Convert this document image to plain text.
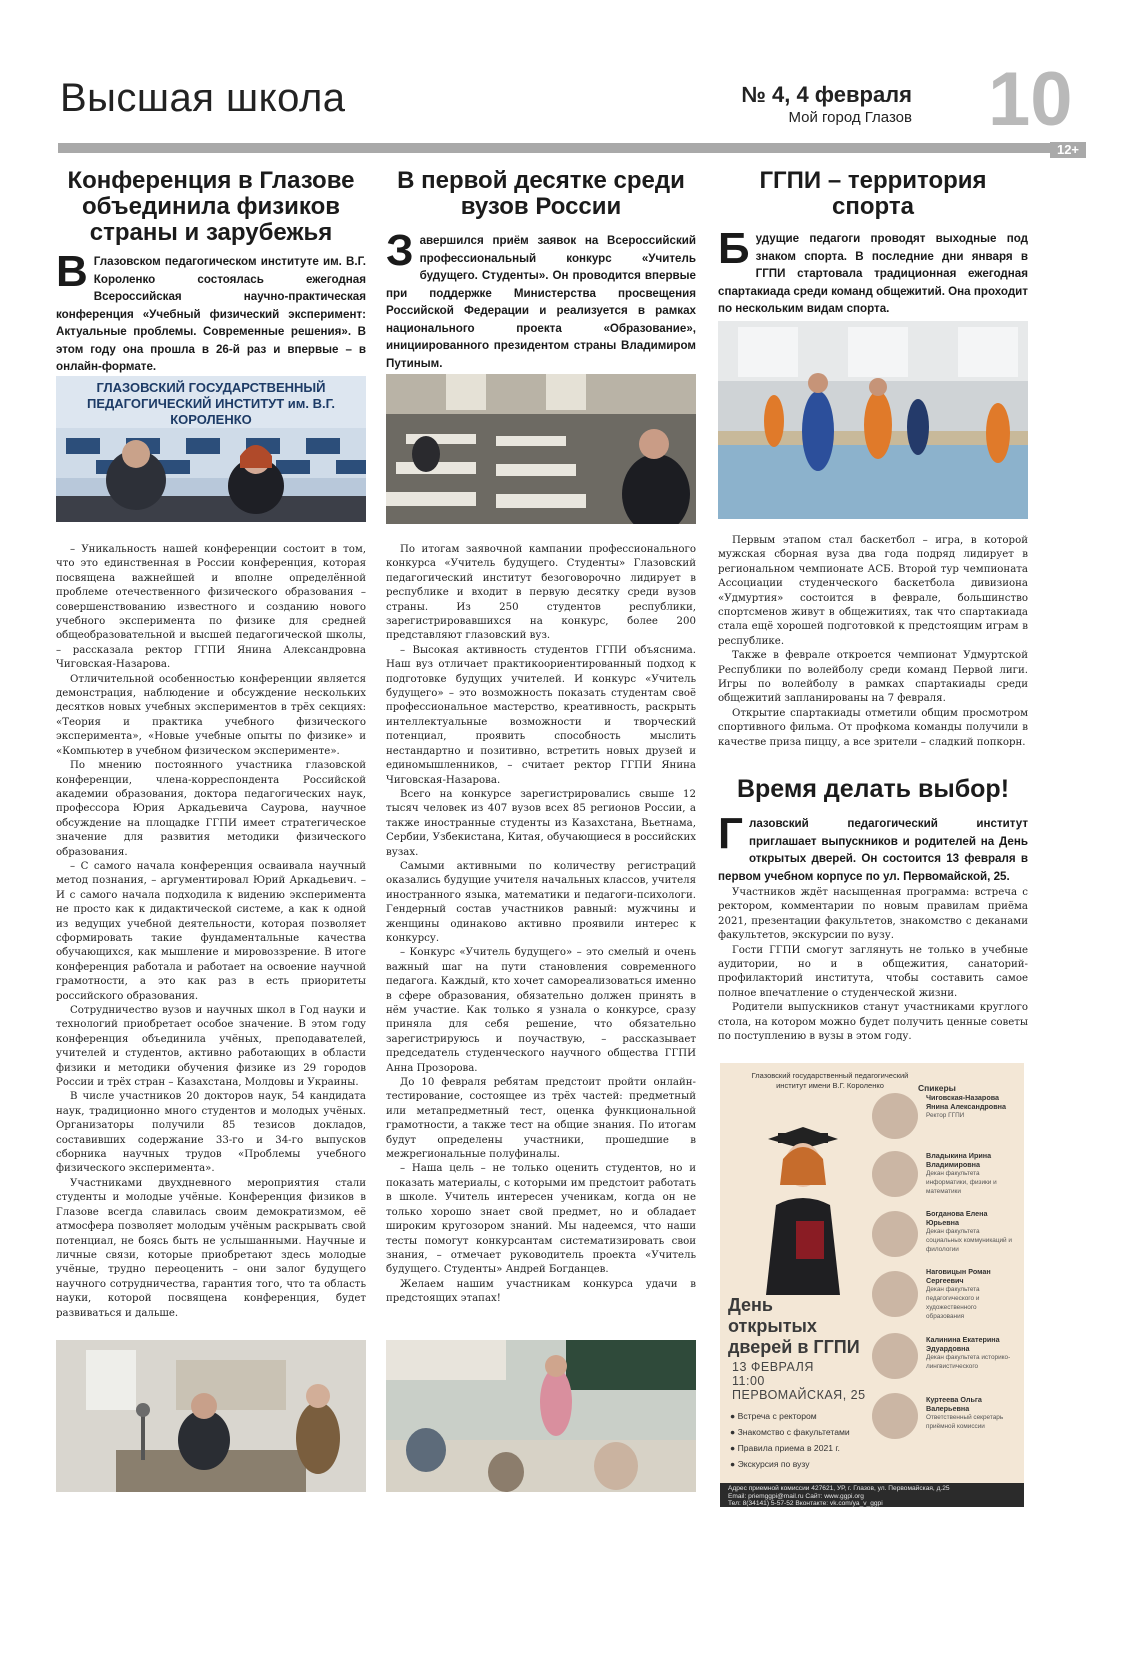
Высшая школа	№ 4, 4 февраля
Мой город Глазов 10
12+
Конференция в Глазове объединила физиков страны и зарубежья
В Глазовском педагогическом институте им. В.Г. Короленко состоялась ежегодная Всероссийская научно-практическая конференция «Учебный физический эксперимент: Актуальные проблемы. Современные решения». В этом году она прошла в 26-й раз и впервые – в онлайн-формате.
ГЛАЗОВСКИЙ ГОСУДАРСТВЕННЫЙ
ПЕДАГОГИЧЕСКИЙ ИНСТИТУТ им. В.Г. КОРОЛЕНКО

– Уникальность нашей конференции состоит в том, что это единственная в России конференция, которая посвящена важнейшей и вполне определённой проблеме отечественного физического образования – совершенствованию известного и созданию нового учебного эксперимента по физике для средней общеобразовательной и высшей педагогической школы, – рассказала ректор ГГПИ Янина Александровна Чиговская-Назарова.

Отличительной особенностью конференции является демонстрация, наблюдение и обсуждение нескольких десятков новых учебных экспериментов в трёх секциях: «Теория и практика учебного физического эксперимента», «Новые учебные опыты по физике» и «Компьютер в учебном физическом эксперименте».

По мнению постоянного участника глазовской конференции, члена-корреспондента Российской академии образования, доктора педагогических наук, профессора Юрия Аркадьевича Саурова, научное обсуждение на площадке ГГПИ имеет стратегическое значение для развития методики физического образования.

– С самого начала конференция осваивала научный метод познания, – аргументировал Юрий Аркадьевич. – И с самого начала подходила к видению эксперимента не просто как к дидактической системе, а как к одной из ведущих учебной деятельности, которая позволяет сформировать такие фундаментальные качества обучающихся, как мышление и мировоззрение. В итоге конференция работала и работает на освоение научной грамотности, а это как раз в есть приоритеты российского образования.

Сотрудничество вузов и научных школ в Год науки и технологий приобретает особое значение. В этом году конференция объединила учёных, преподавателей, учителей и студентов, активно работающих в области физики и методики обучения физике из 29 городов России и трёх стран – Казахстана, Молдовы и Украины.

В числе участников 20 докторов наук, 54 кандидата наук, традиционно много студентов и молодых учёных. Организаторы получили 85 тезисов докладов, составивших содержание 33-го и 34-го выпусков сборника научных трудов «Проблемы учебного физического эксперимента».

Участниками двухдневного мероприятия стали студенты и молодые учёные. Конференция физиков в Глазове всегда славилась своим демократизмом, её атмосфера позволяет молодым учёным раскрывать свой потенциал, не боясь быть не услышанными. Научные и личные связи, которые приобретают здесь молодые учёные, трудно переоценить – они залог будущего научного сотрудничества, гарантия того, что та область науки, которой посвящена конференция, будет развиваться и дальше.

В первой десятке среди вузов России
Завершился приём заявок на Всероссийский профессиональный конкурс «Учитель будущего. Студенты». Он проводится впервые при поддержке Министерства просвещения Российской Федерации и реализуется в рамках национального проекта «Образование», инициированного президентом страны Владимиром Путиным.

По итогам заявочной кампании профессионального конкурса «Учитель будущего. Студенты» Глазовский педагогический институт безоговорочно лидирует в республике и входит в первую десятку среди вузов страны. Из 250 студентов республики, зарегистрировавшихся на конкурс, более 200 представляют глазовский вуз.

– Высокая активность студентов ГГПИ объяснима. Наш вуз отличает практикоориентированный подход к подготовке будущих учителей. И конкурс «Учитель будущего» – это возможность показать студентам своё профессиональное мастерство, креативность, раскрыть интеллектуальные возможности и творческий потенциал, проявить способность мыслить нестандартно и позитивно, встретить новых друзей и единомышленников, – считает ректор ГГПИ Янина Чиговская-Назарова.

Всего на конкурсе зарегистрировались свыше 12 тысяч человек из 407 вузов всех 85 регионов России, а также иностранные студенты из Казахстана, Вьетнама, Сербии, Узбекистана, Китая, обучающиеся в российских вузах.

Самыми активными по количеству регистраций оказались будущие учителя начальных классов, учителя иностранного языка, математики и педагоги-психологи. Гендерный состав участников равный: мужчины и женщины одинаково активно проявили интерес к конкурсу.

– Конкурс «Учитель будущего» – это смелый и очень важный шаг на пути становления современного педагога. Каждый, кто хочет самореализоваться именно в сфере образования, обязательно должен принять в нём участие. Как только я узнала о конкурсе, сразу приняла для себя решение, что обязательно зарегистрируюсь и поучаствую, – рассказывает председатель студенческого научного общества ГГПИ Анна Прозорова.

До 10 февраля ребятам предстоит пройти онлайн-тестирование, состоящее из трёх частей: предметный или метапредметный тест, оценка функциональной грамотности, а также тест на общие знания. По итогам будут определены участники, прошедшие в межрегиональные полуфиналы.

– Наша цель – не только оценить студентов, но и показать материалы, с которыми им предстоит работать в школе. Учитель интересен ученикам, когда он не только хорошо знает свой предмет, но и обладает широким кругозором знаний. Мы надеемся, что наши тесты помогут конкурсантам систематизировать свои знания, – отмечает руководитель проекта «Учитель будущего. Студенты» Андрей Богданцев.

Желаем нашим участникам конкурса удачи в предстоящих этапах!

ГГПИ – территория спорта
Будущие педагоги проводят выходные под знаком спорта. В последние дни января в ГГПИ стартовала традиционная ежегодная спартакиада среди команд общежитий. Она проходит по нескольким видам спорта.

Первым этапом стал баскетбол – игра, в которой мужская сборная вуза два года подряд лидирует в региональном чемпионате АСБ. Второй тур чемпионата Ассоциации студенческого баскетбола дивизиона «Удмуртия» состоится в феврале, большинство спортсменов живут в общежитиях, так что спартакиада стала ещё хорошей подготовкой к предстоящим играм в республике.

Также в феврале откроется чемпионат Удмуртской Республики по волейболу среди команд Первой лиги. Игры по волейболу в рамках спартакиады среди общежитий запланированы на 7 февраля.

Открытие спартакиады отметили общим просмотром спортивного фильма. От профкома команды получили в качестве приза пиццу, а все зрители – сладкий попкорн.

Время делать выбор!
Глазовский педагогический институт приглашает выпускников и родителей на День открытых дверей. Он состоится 13 февраля в первом учебном корпусе по ул. Первомайской, 25.

Участников ждёт насыщенная программа: встреча с ректором, комментарии по новым правилам приёма 2021, презентации факультетов, знакомство с деканами факультетов, экскурсии по вузу.

Гости ГГПИ смогут заглянуть не только в учебные аудитории, но и в общежития, санаторий-профилакторий института, чтобы составить самое полное впечатление о студенческой жизни.

Родители выпускников станут участниками круглого стола, на котором можно будет получить ценные советы по поступлению в вузы в этом году.

Глазовский государственный педагогический институт имени В.Г. Короленко	Спикеры
Чиговская-Назарова Янина Александровна
Ректор ГГПИ
Владыкина Ирина Владимировна
Декан факультета информатики, физики и математики
Богданова Елена Юрьевна
Декан факультета социальных коммуникаций и филологии
Наговицын Роман Сергеевич
Декан факультета педагогического и художественного образования
Калинина Екатерина Эдуардовна
Декан факультета историко-лингвистического
Куртеева Ольга Валерьевна
Ответственный секретарь приёмной комиссии
День
открытых
дверей в ГГПИ
13 ФЕВРАЛЯ
11:00
ПЕРВОМАЙСКАЯ, 25
● Встреча с ректором
● Знакомство с факультетами
● Правила приема в 2021 г.
● Экскурсия по вузу
Адрес приемной комиссии 427621, УР, г. Глазов, ул. Первомайская, д.25
Email: priemggpi@mail.ru Сайт: www.ggpi.org
Тел: 8(34141) 5-57-52 Вконтакте: vk.com/ya_v_ggpi
